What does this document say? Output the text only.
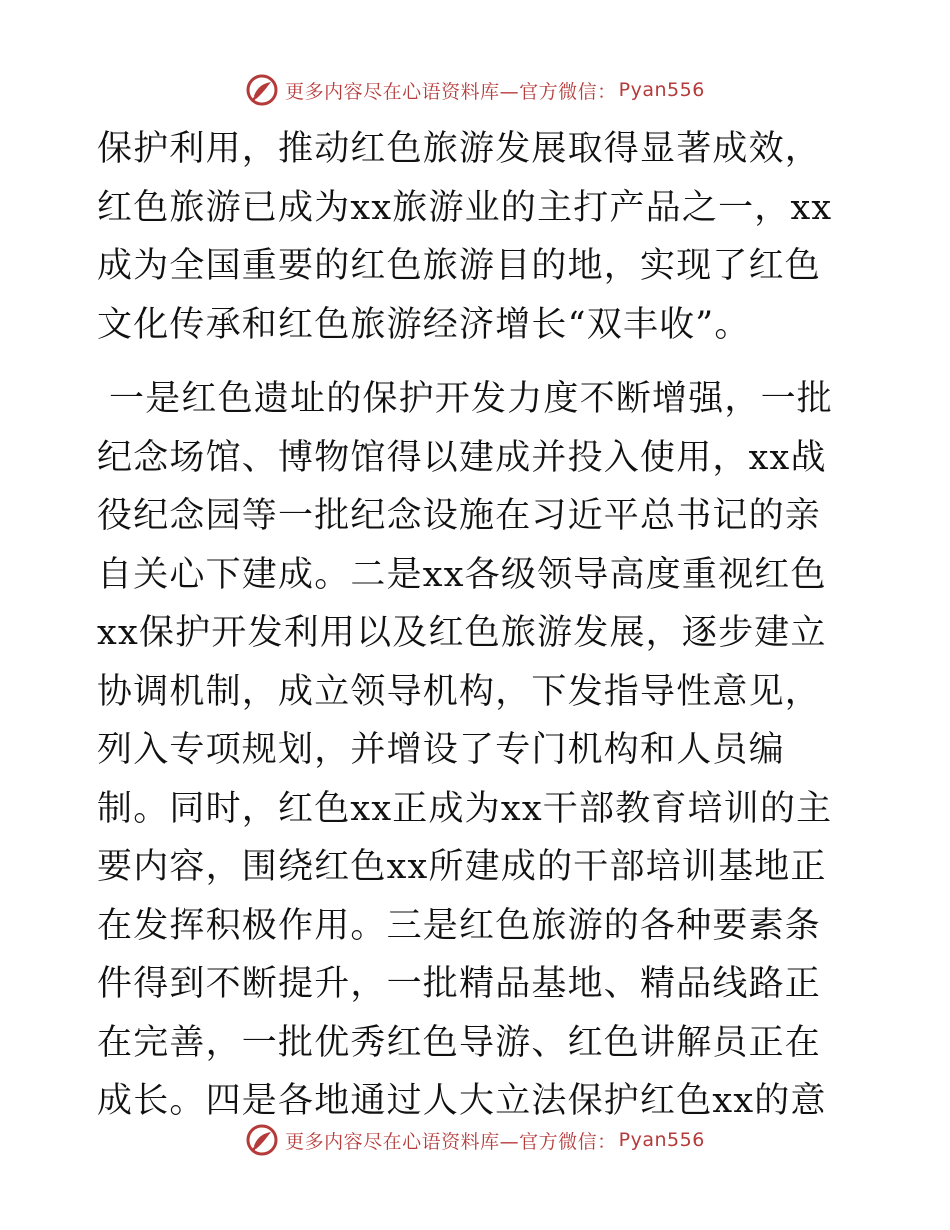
更多内容尽在心语资料库—官方微信： Pyan556

保护利用，推动红色旅游发展取得显著成效，红色旅游已成为xx旅游业的主打产品之一，xx成为全国重要的红色旅游目的地，实现了红色文化传承和红色旅游经济增长“双丰收”。

一是红色遗址的保护开发力度不断增强，一批纪念场馆、博物馆得以建成并投入使用，xx战役纪念园等一批纪念设施在习近平总书记的亲自关心下建成。二是xx各级领导高度重视红色xx保护开发利用以及红色旅游发展，逐步建立协调机制，成立领导机构，下发指导性意见，列入专项规划，并增设了专门机构和人员编制。同时，红色xx正成为xx干部教育培训的主要内容，围绕红色xx所建成的干部培训基地正在发挥积极作用。三是红色旅游的各种要素条件得到不断提升，一批精品基地、精品线路正在完善，一批优秀红色导游、红色讲解员正在成长。四是各地通过人大立法保护红色xx的意

更多内容尽在心语资料库—官方微信： Pyan556
